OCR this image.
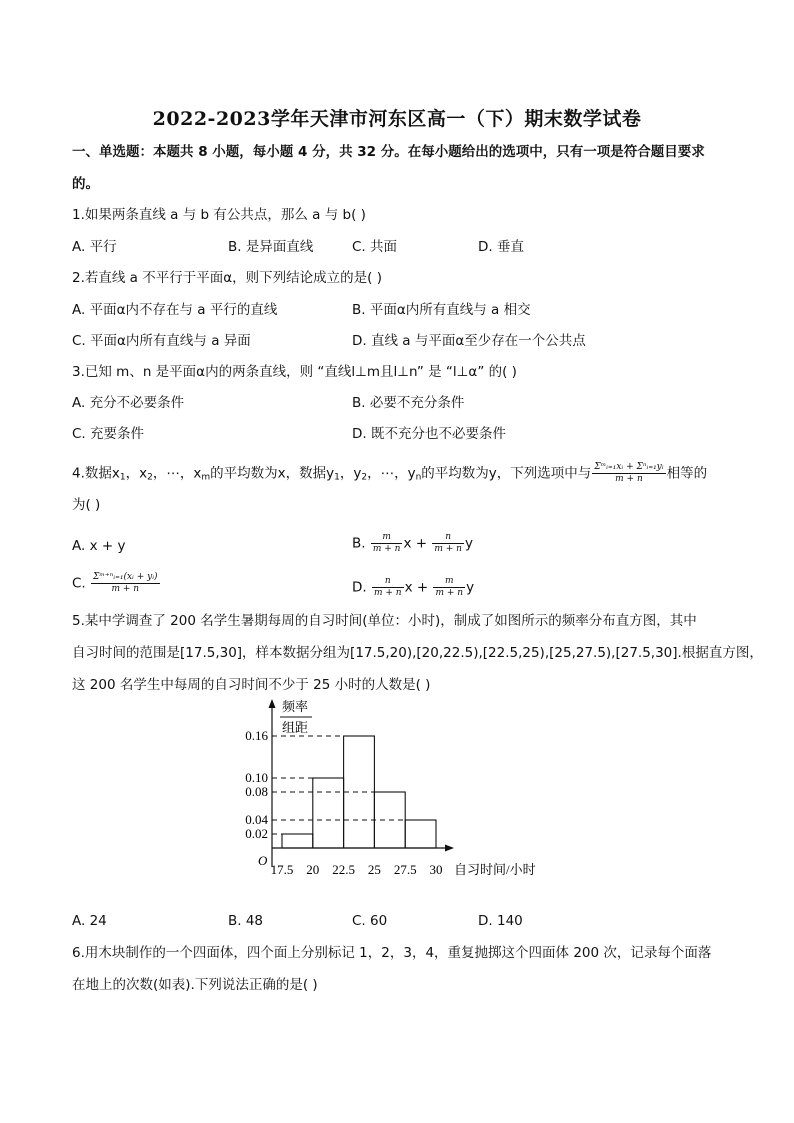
2022-2023学年天津市河东区高一（下）期末数学试卷
一、单选题：本题共 8 小题，每小题 4 分，共 32 分。在每小题给出的选项中，只有一项是符合题目要求
的。
1.如果两条直线 a 与 b 有公共点，那么 a 与 b( )
A. 平行	B. 是异面直线	C. 共面	D. 垂直
2.若直线 a 不平行于平面α，则下列结论成立的是( )
A. 平面α内不存在与 a 平行的直线	B. 平面α内所有直线与 a 相交
C. 平面α内所有直线与 a 异面	D. 直线 a 与平面α至少存在一个公共点
3.已知 m、n 是平面α内的两条直线，则 “直线l⊥m且l⊥n” 是 “l⊥α” 的( )
A. 充分不必要条件	B. 必要不充分条件
C. 充要条件	D. 既不充分也不必要条件
4.数据$x_1$，$x_2$，⋯，$x_m$的平均数为x，数据$y_1$，$y_2$，⋯，$y_n$的平均数为y，下列选项中与 $\frac{\text{Σᵐᵢ₌₁xᵢ + Σⁿᵢ₌₁yᵢ}}{m + n}$ 相等的
为( )
A. x + y	B. $\frac{m}{m + n}$ $x + \frac{n}{m + n}$ y
C. $\frac{\text{Σᵐ⁺ⁿᵢ₌₁(xᵢ + yᵢ)}}{m + n}$	D. $\frac{n}{m + n}$ $x + \frac{m}{m + n}$ y
5.某中学调查了 200 名学生暑期每周的自习时间(单位：小时)，制成了如图所示的频率分布直方图，其中
自习时间的范围是[17.5,30]，样本数据分组为[17.5,20),[20,22.5),[22.5,25),[25,27.5),[27.5,30].根据直方图，
这 200 名学生中每周的自习时间不少于 25 小时的人数是( )
频率
组距
O
自习时间/小时
0.02
0.04
0.08
0.10
0.16
17.5 20 22.5 25 27.5 30
A. 24	B. 48	C. 60	D. 140
6.用木块制作的一个四面体，四个面上分别标记 1，2，3，4，重复抛掷这个四面体 200 次，记录每个面落
在地上的次数(如表).下列说法正确的是( )
